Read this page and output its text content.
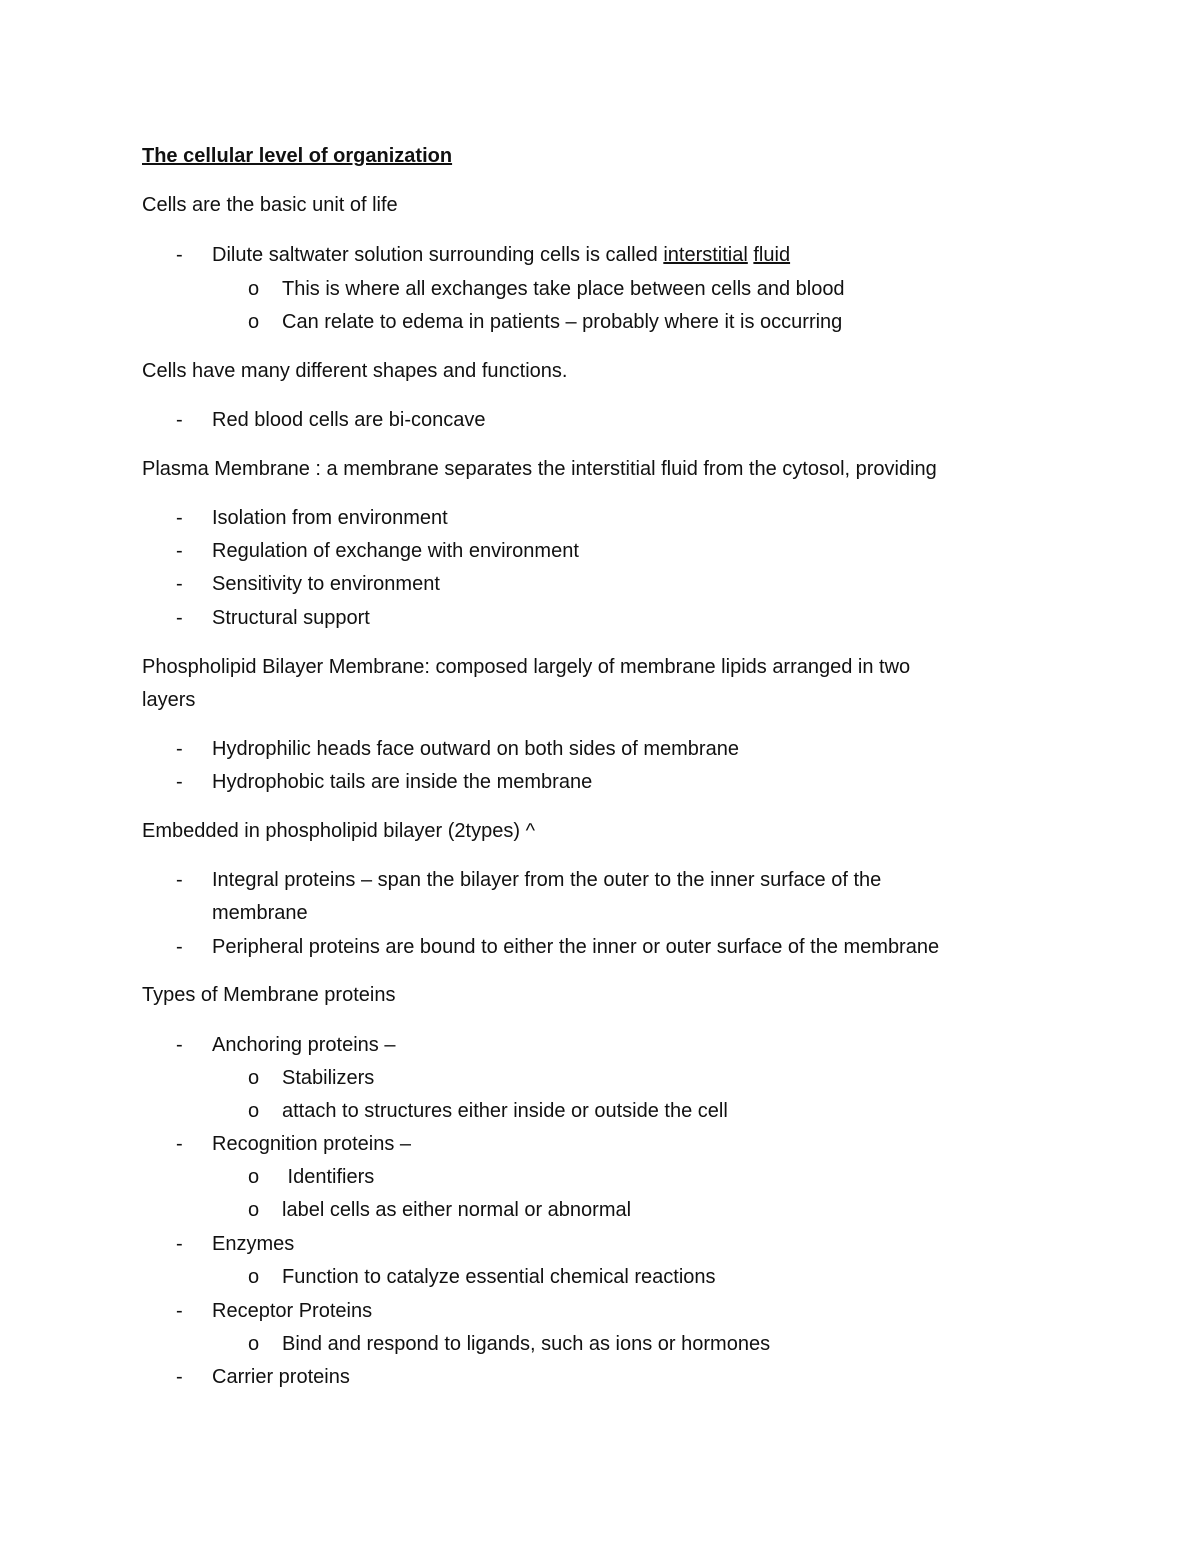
The cellular level of organization
Cells are the basic unit of life
- Dilute saltwater solution surrounding cells is called interstitial fluid
o This is where all exchanges take place between cells and blood
o Can relate to edema in patients – probably where it is occurring
Cells have many different shapes and functions.
- Red blood cells are bi-concave
Plasma Membrane : a membrane separates the interstitial fluid from the cytosol, providing
- Isolation from environment
- Regulation of exchange with environment
- Sensitivity to environment
- Structural support
Phospholipid Bilayer Membrane: composed largely of membrane lipids arranged in two
layers
- Hydrophilic heads face outward on both sides of membrane
- Hydrophobic tails are inside the membrane
Embedded in phospholipid bilayer (2types) ^
- Integral proteins – span the bilayer from the outer to the inner surface of the
membrane
- Peripheral proteins are bound to either the inner or outer surface of the membrane
Types of Membrane proteins
- Anchoring proteins –
o Stabilizers
o attach to structures either inside or outside the cell
- Recognition proteins –
o Identifiers
o label cells as either normal or abnormal
- Enzymes
o Function to catalyze essential chemical reactions
- Receptor Proteins
o Bind and respond to ligands, such as ions or hormones
- Carrier proteins
